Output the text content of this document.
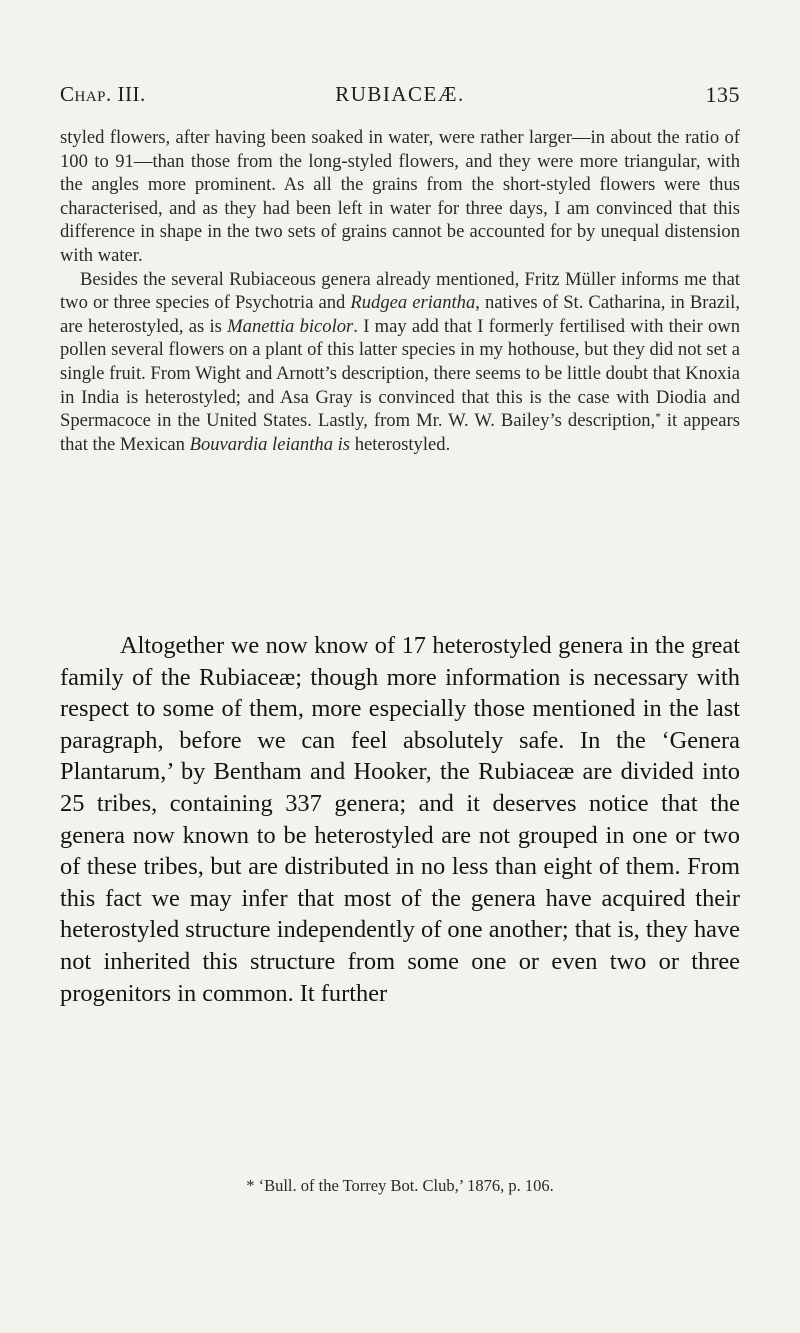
Chap. III.	RUBIACEÆ.	135

styled flowers, after having been soaked in water, were rather larger—in about the ratio of 100 to 91—than those from the long-styled flowers, and they were more triangular, with the angles more prominent. As all the grains from the short-styled flowers were thus characterised, and as they had been left in water for three days, I am convinced that this difference in shape in the two sets of grains cannot be accounted for by unequal distension with water.

Besides the several Rubiaceous genera already mentioned, Fritz Müller informs me that two or three species of Psychotria and Rudgea eriantha, natives of St. Catharina, in Brazil, are heterostyled, as is Manettia bicolor. I may add that I formerly fertilised with their own pollen several flowers on a plant of this latter species in my hothouse, but they did not set a single fruit. From Wight and Arnott’s description, there seems to be little doubt that Knoxia in India is heterostyled; and Asa Gray is convinced that this is the case with Diodia and Spermacoce in the United States. Lastly, from Mr. W. W. Bailey’s description,* it appears that the Mexican Bouvardia leiantha is heterostyled.

Altogether we now know of 17 heterostyled genera in the great family of the Rubiaceæ; though more information is necessary with respect to some of them, more especially those mentioned in the last paragraph, before we can feel absolutely safe. In the ‘Genera Plantarum,’ by Bentham and Hooker, the Rubiaceæ are divided into 25 tribes, containing 337 genera; and it deserves notice that the genera now known to be heterostyled are not grouped in one or two of these tribes, but are distributed in no less than eight of them. From this fact we may infer that most of the genera have acquired their heterostyled structure independently of one another; that is, they have not inherited this structure from some one or even two or three progenitors in common. It further

* ‘Bull. of the Torrey Bot. Club,’ 1876, p. 106.
